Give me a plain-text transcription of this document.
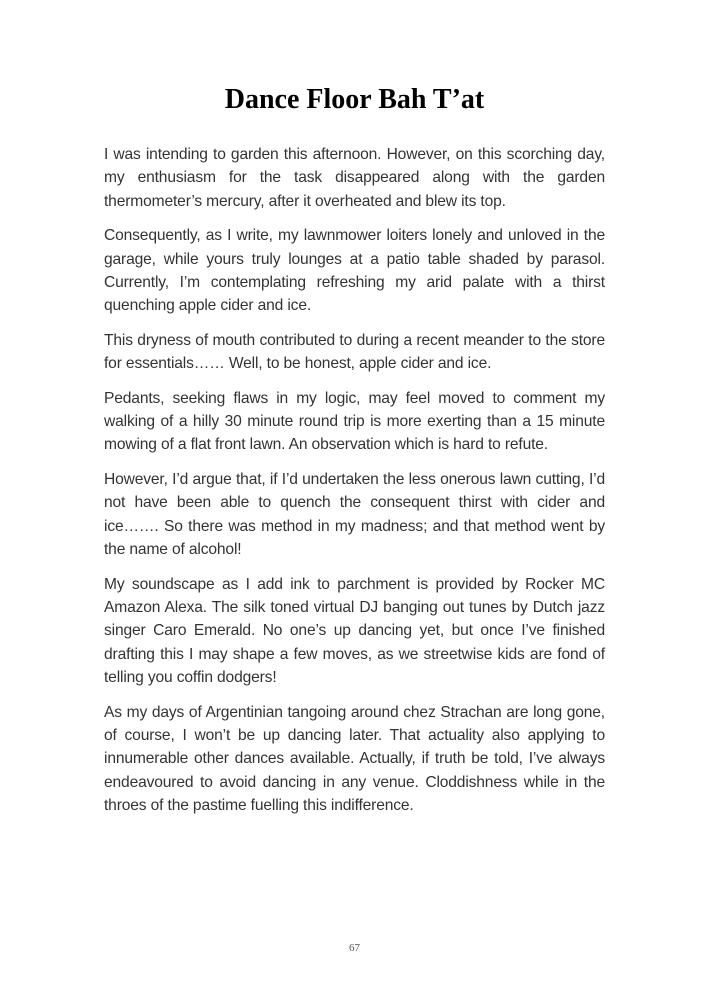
Dance Floor Bah T’at

I was intending to garden this afternoon. However, on this scorching day, my enthusiasm for the task disappeared along with the garden thermometer’s mercury, after it overheated and blew its top.

Consequently, as I write, my lawnmower loiters lonely and unloved in the garage, while yours truly lounges at a patio table shaded by parasol. Currently, I’m contemplating refreshing my arid palate with a thirst quenching apple cider and ice.

This dryness of mouth contributed to during a recent meander to the store for essentials…… Well, to be honest, apple cider and ice.

Pedants, seeking flaws in my logic, may feel moved to comment my walking of a hilly 30 minute round trip is more exerting than a 15 minute mowing of a flat front lawn. An observation which is hard to refute.

However, I’d argue that, if I’d undertaken the less onerous lawn cutting, I’d not have been able to quench the consequent thirst with cider and ice……. So there was method in my madness; and that method went by the name of alcohol!

My soundscape as I add ink to parchment is provided by Rocker MC Amazon Alexa. The silk toned virtual DJ banging out tunes by Dutch jazz singer Caro Emerald. No one’s up dancing yet, but once I’ve finished drafting this I may shape a few moves, as we streetwise kids are fond of telling you coffin dodgers!

As my days of Argentinian tangoing around chez Strachan are long gone, of course, I won’t be up dancing later. That actuality also applying to innumerable other dances available. Actually, if truth be told, I’ve always endeavoured to avoid dancing in any venue. Cloddishness while in the throes of the pastime fuelling this indifference.

67
